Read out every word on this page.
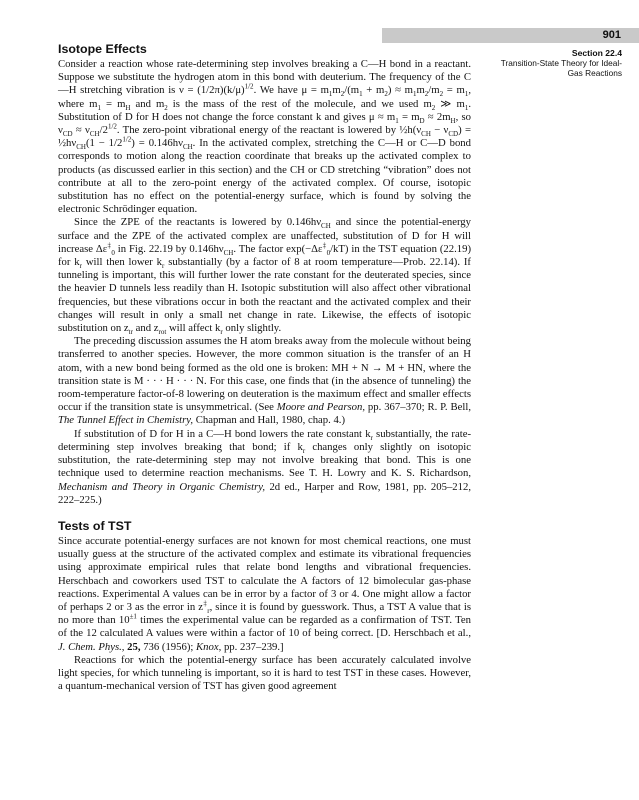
901
Section 22.4
Transition-State Theory for Ideal-Gas Reactions
Isotope Effects

Consider a reaction whose rate-determining step involves breaking a C—H bond in a reactant. Suppose we substitute the hydrogen atom in this bond with deuterium. The frequency of the C—H stretching vibration is $\nu = (1/2\pi)(k/\mu)^{1/2}$. We have $\mu = m_1m_2/(m_1 + m_2) \approx m_1m_2/m_2 = m_1$, where $m_1 = m_H$ and $m_2$ is the mass of the rest of the molecule, and we used $m_2$ ≫ $m_1$. Substitution of D for H does not change the force constant k and gives $\mu \approx m_1 = m_D \approx 2m_H$, so $\nu_{CD} \approx \nu_{CH}/2^{1/2}$. The zero-point vibrational energy of the reactant is lowered by $\frac{1}{2}h(\nu_{CH} - \nu_{CD})$ = $\frac{1}{2}h\nu_{CH}(1 - 1/2^{1/2}) = 0.146h\nu_{CH}$. In the activated complex, stretching the C—H or C—D bond corresponds to motion along the reaction coordinate that breaks up the activated complex to products (as discussed earlier in this section) and the CH or CD stretching “vibration” does not contribute at all to the zero-point energy of the activated complex. Of course, isotopic substitution has no effect on the potential-energy surface, which is found by solving the electronic Schrödinger equation.

Since the ZPE of the reactants is lowered by $0.146h\nu_{CH}$ and since the potential-energy surface and the ZPE of the activated complex are unaffected, substitution of D for H will increase $\Delta\varepsilon^\ddagger_0$ in Fig. 22.19 by $0.146h\nu_{CH}$. The factor $\exp(-\Delta\varepsilon^\ddagger_0/kT)$ in the TST equation (22.19) for $k_r$ will then lower $k_r$ substantially (by a factor of 8 at room temperature—Prob. 22.14). If tunneling is important, this will further lower the rate constant for the deuterated species, since the heavier D tunnels less readily than H. Isotopic substitution will also affect other vibrational frequencies, but these vibrations occur in both the reactant and the activated complex and their changes will result in only a small net change in rate. Likewise, the effects of isotopic substitution on $z_{tr}$ and $z_{rot}$ will affect $k_r$ only slightly.

The preceding discussion assumes the H atom breaks away from the molecule without being transferred to another species. However, the more common situation is the transfer of an H atom, with a new bond being formed as the old one is broken: MH + N → M + HN, where the transition state is M · · · H · · · N. For this case, one finds that (in the absence of tunneling) the room-temperature factor-of-8 lowering on deuteration is the maximum effect and smaller effects occur if the transition state is unsymmetrical. (See Moore and Pearson, pp. 367–370; R. P. Bell, The Tunnel Effect in Chemistry, Chapman and Hall, 1980, chap. 4.)

If substitution of D for H in a C—H bond lowers the rate constant $k_r$ substantially, the rate-determining step involves breaking that bond; if $k_r$ changes only slightly on isotopic substitution, the rate-determining step may not involve breaking that bond. This is one technique used to determine reaction mechanisms. See T. H. Lowry and K. S. Richardson, Mechanism and Theory in Organic Chemistry, 2d ed., Harper and Row, 1981, pp. 205–212, 222–225.)

Tests of TST

Since accurate potential-energy surfaces are not known for most chemical reactions, one must usually guess at the structure of the activated complex and estimate its vibrational frequencies using approximate empirical rules that relate bond lengths and vibrational frequencies. Herschbach and coworkers used TST to calculate the A factors of 12 bimolecular gas-phase reactions. Experimental A values can be in error by a factor of 3 or 4. One might allow a factor of perhaps 2 or 3 as the error in $z^\ddagger_r$, since it is found by guesswork. Thus, a TST A value that is no more than $10^{\pm 1}$ times the experimental value can be regarded as a confirmation of TST. Ten of the 12 calculated A values were within a factor of 10 of being correct. [D. Herschbach et al., J. Chem. Phys., 25, 736 (1956); Knox, pp. 237–239.]

Reactions for which the potential-energy surface has been accurately calculated involve light species, for which tunneling is important, so it is hard to test TST in these cases. However, a quantum-mechanical version of TST has given good agreement
